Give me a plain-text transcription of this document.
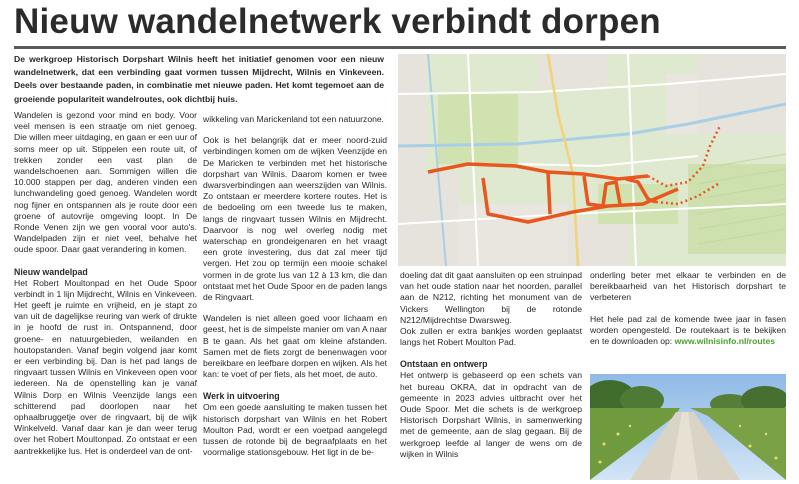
Nieuw wandelnetwerk verbindt dorpen

De werkgroep Historisch Dorpshart Wilnis heeft het initiatief genomen voor een nieuw wandelnetwerk, dat een verbinding gaat vormen tussen Mijdrecht, Wilnis en Vinkeveen. Deels over bestaande paden, in combinatie met nieuwe paden. Het komt tegemoet aan de groeiende populariteit wandelroutes, ook dichtbij huis.

Wandelen is gezond voor mind en body. Voor veel mensen is een straatje om niet genoeg. Die willen meer uitdaging, en gaan er een uur of soms meer op uit. Stippelen een route uit, of trekken zonder een vast plan de wandelschoenen aan. Sommigen willen die 10.000 stappen per dag, anderen vinden een lunchwandeling goed genoeg. Wandelen wordt nog fijner en ontspannen als je route door een groene of autovrije omgeving loopt. In De Ronde Venen zijn we gen vooral voor auto's. Wandelpaden zijn er niet veel, behalve het oude spoor. Daar gaat verandering in komen.

Nieuw wandelpad

Het Robert Moultonpad en het Oude Spoor verbindt in 1 lijn Mijdrecht, Wilnis en Vinkeveen. Het geeft je ruimte en vrijheid, en je stapt zo van uit de dagelijkse reuring van werk of drukte in je hoofd de rust in. Ontspannend, door groene- en natuurgebieden, weilanden en houtopstanden. Vanaf begin volgend jaar komt er een verbinding bij. Dan is het pad langs de ringvaart tussen Wilnis en Vinkeveen open voor iedereen. Na de openstelling kan je vanaf Wilnis Dorp en Wilnis Veenzijde langs een schitterend pad doorlopen naar het ophaalbruggetje over de ringvaart, bij de wijk Winkelveld. Vanaf daar kan je dan weer terug over het Robert Moultonpad. Zo ontstaat er een aantrekkelijke lus. Het is onderdeel van de ont-

wikkeling van Marickenland tot een natuurzone.

Ook is het belangrijk dat er meer noord-zuid verbindingen komen om de wijken Veenzijde en De Maricken te verbinden met het historische dorpshart van Wilnis. Daarom komen er twee dwarsverbindingen aan weerszijden van Wilnis. Zo ontstaan er meerdere kortere routes. Het is de bedoeling om een tweede lus te maken, langs de ringvaart tussen Wilnis en Mijdrecht. Daarvoor is nog wel overleg nodig met waterschap en grondeigenaren en het vraagt een grote investering, dus dat zal meer tijd vergen. Het zou op termijn een mooie schakel vormen in de grote lus van 12 à 13 km, die dan ontstaat met het Oude Spoor en de paden langs de Ringvaart.

Wandelen is niet alleen goed voor lichaam en geest, het is de simpelste manier om van A naar B te gaan. Als het gaat om kleine afstanden. Samen met de fiets zorgt de benenwagen voor bereikbare en leefbare dorpen en wijken. Als het kan: te voet of per fiets, als het moet, de auto.

Werk in uitvoering

Om een goede aansluiting te maken tussen het historisch dorpshart van Wilnis en het Robert Moulton Pad, wordt er een voetpad aangelegd tussen de rotonde bij de begraafplaats en het voormalige stationsgebouw. Het ligt in de be-

doeling dat dit gaat aansluiten op een struinpad van het oude station naar het noorden, parallel aan de N212, richting het monument van de Vickers Wellington bij de rotonde N212/Mijdrechtse Dwarsweg.

Ook zullen er extra bankjes worden geplaatst langs het Robert Moulton Pad.

Ontstaan en ontwerp

Het ontwerp is gebaseerd op een schets van het bureau OKRA, dat in opdracht van de gemeente in 2023 advies uitbracht over het Oude Spoor. Met die schets is de werkgroep Historisch Dorpshart Wilnis, in samenwerking met de gemeente, aan de slag gegaan. Bij de werkgroep leefde al langer de wens om de wijken in Wilnis

onderling beter met elkaar te verbinden en de bereikbaarheid van het Historisch dorpshart te verbeteren

Het hele pad zal de komende twee jaar in fasen worden opengesteld. De routekaart is te bekijken en te downloaden op: www.wilnisinfo.nl/routes
